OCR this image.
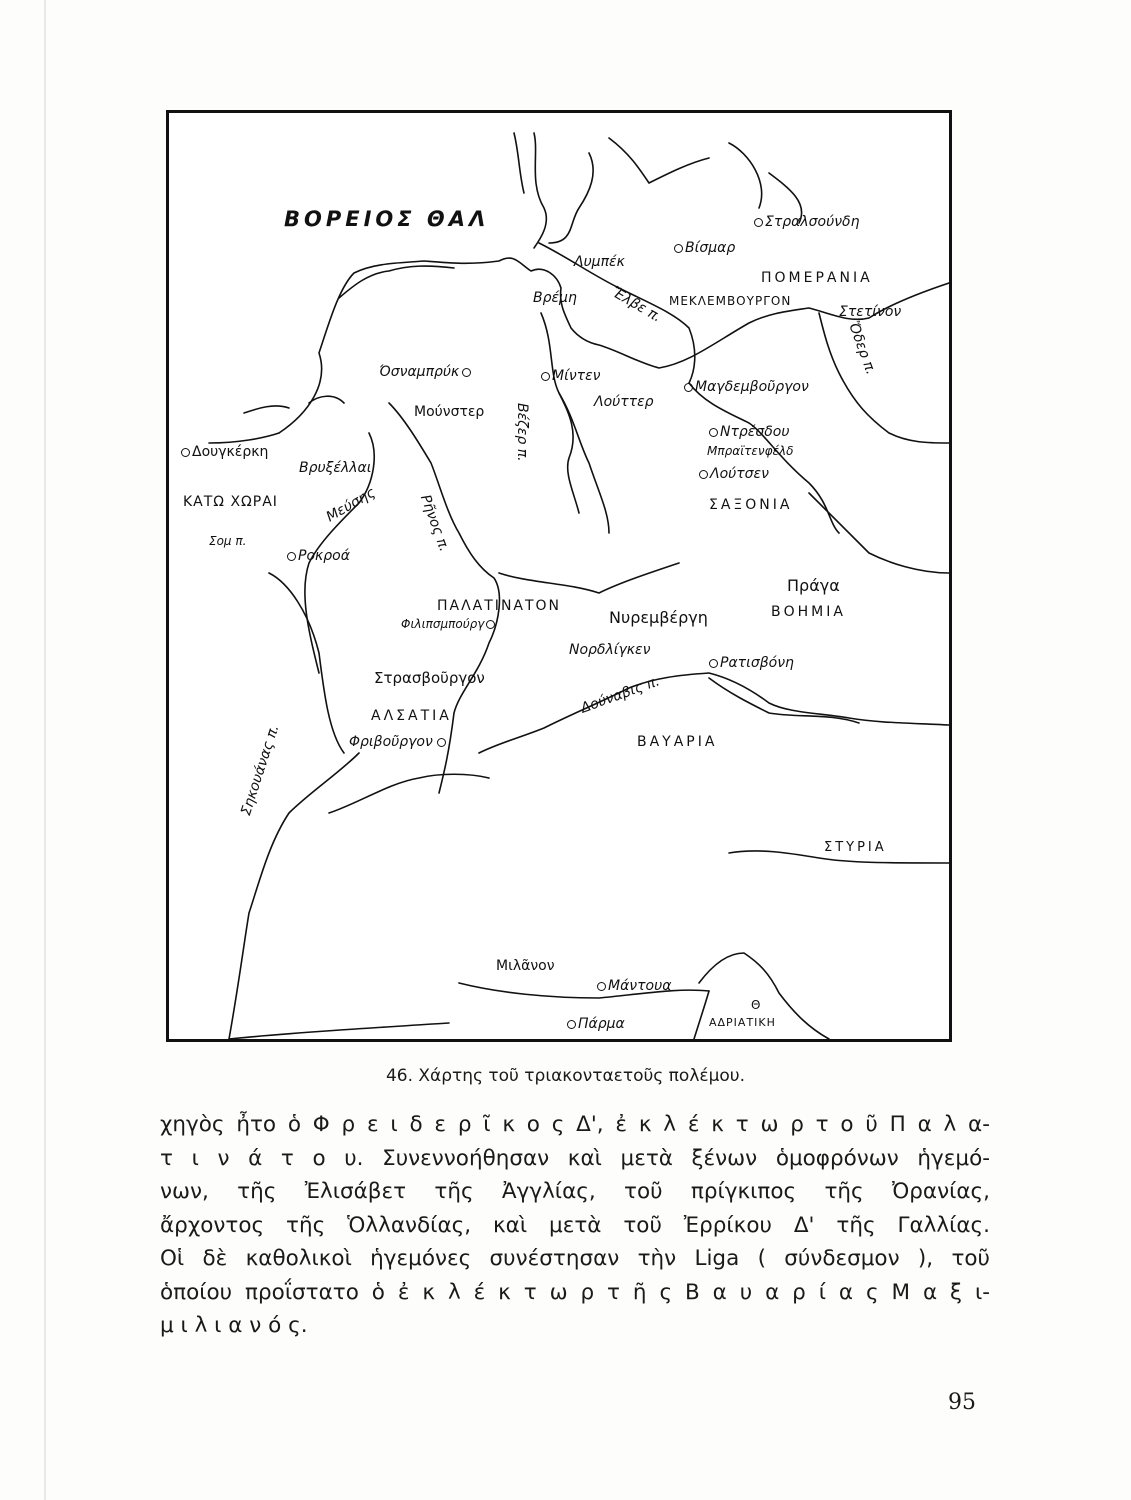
ΒΟΡΕΙΟΣ ΘΑΛ	Στραλσούνδη
Βίσμαρ
Λυμπέκ
Βρέμη
ΠΟΜΕΡΑΝΙΑ
ΜΕΚΛΕΜΒΟΥΡΓΟΝ
Στετίνον
Ἔλβε π.
Ὄδερ π.
Όσναμπρύκ	Μίντεν
Λούττερ
Μαγδεμβοῦργον
Μούνστερ Βέζερ π.
Δουγκέρκη
Βρυξέλλαι
ΚΑΤΩ ΧΩΡΑΙ
Ντρέσδου
Μπραϊτενφέλδ
Λούτσεν
ΣΑΞΟΝΙΑ
Ρῆνος π.
Μεύσης
Σομ π.
Ροκροά
Πράγα
ΒΟΗΜΙΑ
ΠΑΛΑΤΙΝΑΤΟΝ
Φιλιπσμπούργ	Νυρεμβέργη
Νορδλίγκεν
Ρατισβόνη
Στρασβοῦργον	Δούναβις π.
ΑΛΣΑΤΙΑ
Φριβοῦργον	ΒΑΥΑΡΙΑ
ΣΤΥΡΙΑ
Σηκουάνας π.
Μιλᾶνον
Μάντουα
Πάρμα
Θ
ΑΔΡΙΑΤΙΚΗ
46. Χάρτης τοῦ τριακονταετοῦς πολέμου.
χηγὸς ἦτο ὁ Φ ρ ε ι δ ε ρ ῖ κ ο ς Δ', ἐ κ λ έ κ τ ω ρ τ ο ῦ Π α λ α-
τ ι ν ά τ ο υ. Συνεννοήθησαν καὶ μετὰ ξένων ὁμοφρόνων ἡγεμό-
νων, τῆς Ἐλισάβετ τῆς Ἀγγλίας, τοῦ πρίγκιπος τῆς Ὀρανίας,
ἄρχοντος τῆς Ὁλλανδίας, καὶ μετὰ τοῦ Ἐρρίκου Δ' τῆς Γαλλίας.
Οἱ δὲ καθολικοὶ ἡγεμόνες συνέστησαν τὴν Liga ( σύνδεσμον ), τοῦ
ὁποίου προΐστατο ὁ ἐ κ λ έ κ τ ω ρ τ ῆ ς Β α υ α ρ ί α ς Μ α ξ ι-
μ ι λ ι α ν ό ς.
95
